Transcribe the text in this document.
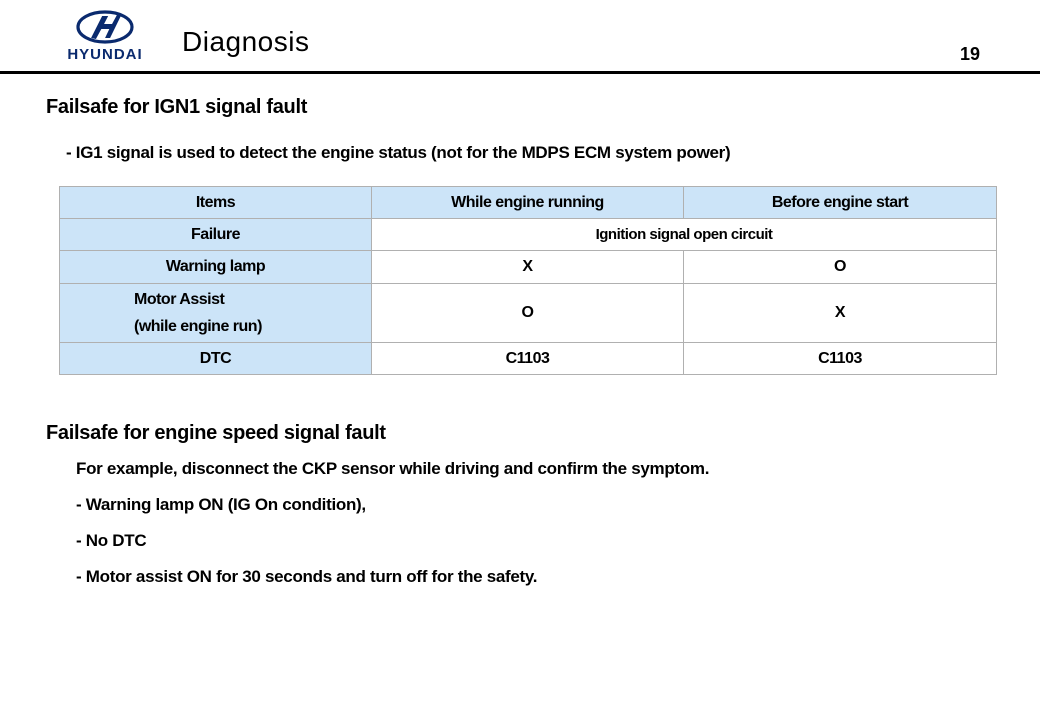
HYUNDAI	Diagnosis	19
Failsafe for IGN1 signal fault
- IG1 signal is used to detect the engine status (not for the MDPS ECM system power)
Items	While engine running	Before engine start
Failure	Ignition signal open circuit	
Warning lamp	X	O

Motor Assist
(while engine run)	O	X
DTC	C1103	C1103
Failsafe for engine speed signal fault
For example, disconnect the CKP sensor while driving and confirm the symptom.
- Warning lamp ON (IG On condition),
- No DTC
- Motor assist ON for 30 seconds and turn off for the safety.
